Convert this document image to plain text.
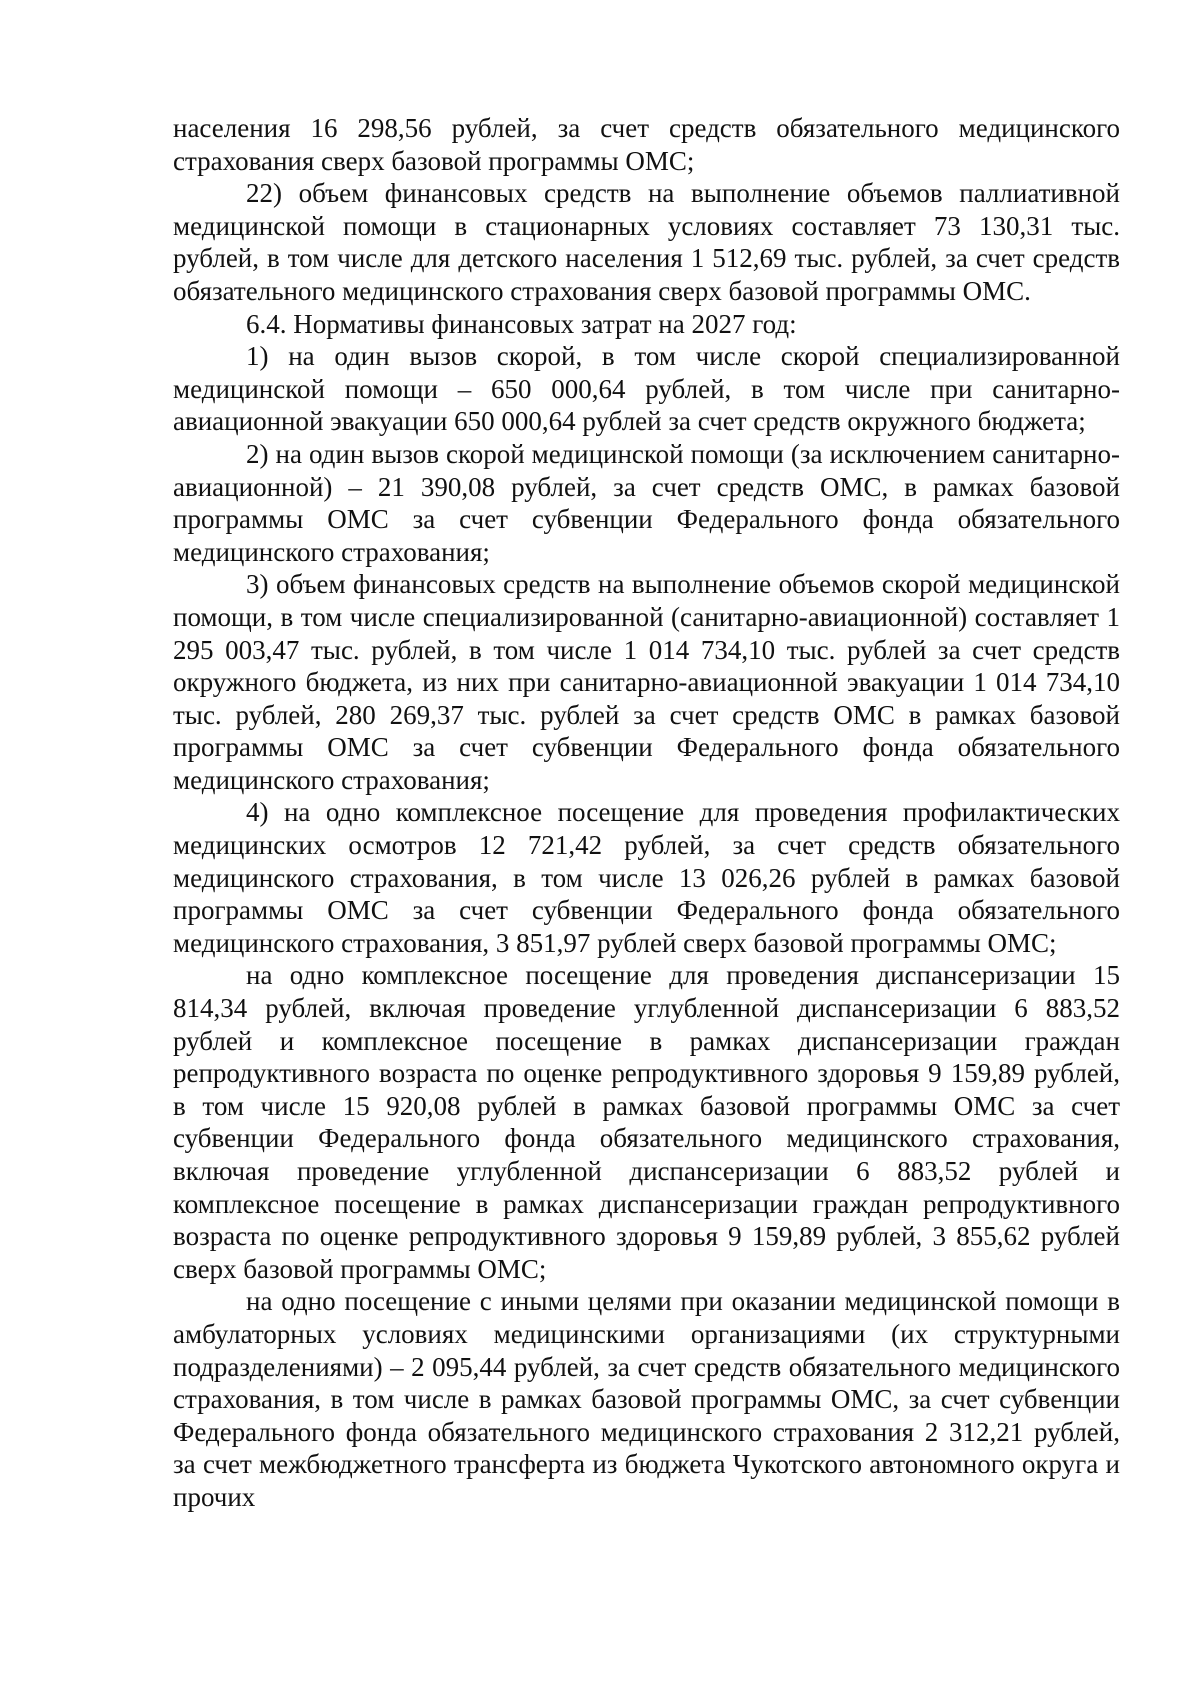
населения 16 298,56 рублей, за счет средств обязательного медицинского страхования сверх базовой программы ОМС;

22) объем финансовых средств на выполнение объемов паллиативной медицинской помощи в стационарных условиях составляет 73 130,31 тыс. рублей, в том числе для детского населения 1 512,69 тыс. рублей, за счет средств обязательного медицинского страхования сверх базовой программы ОМС.

6.4. Нормативы финансовых затрат на 2027 год:

1) на один вызов скорой, в том числе скорой специализированной медицинской помощи – 650 000,64 рублей, в том числе при санитарно-авиационной эвакуации 650 000,64 рублей за счет средств окружного бюджета;

2) на один вызов скорой медицинской помощи (за исключением санитарно-авиационной) – 21 390,08 рублей, за счет средств ОМС, в рамках базовой программы ОМС за счет субвенции Федерального фонда обязательного медицинского страхования;

3) объем финансовых средств на выполнение объемов скорой медицинской помощи, в том числе специализированной (санитарно-авиационной) составляет 1 295 003,47 тыс. рублей, в том числе 1 014 734,10 тыс. рублей за счет средств окружного бюджета, из них при санитарно-авиационной эвакуации 1 014 734,10 тыс. рублей, 280 269,37 тыс. рублей за счет средств ОМС в рамках базовой программы ОМС за счет субвенции Федерального фонда обязательного медицинского страхования;

4) на одно комплексное посещение для проведения профилактических медицинских осмотров 12 721,42 рублей, за счет средств обязательного медицинского страхования, в том числе 13 026,26 рублей в рамках базовой программы ОМС за счет субвенции Федерального фонда обязательного медицинского страхования, 3 851,97 рублей сверх базовой программы ОМС;

на одно комплексное посещение для проведения диспансеризации 15 814,34 рублей, включая проведение углубленной диспансеризации 6 883,52 рублей и комплексное посещение в рамках диспансеризации граждан репродуктивного возраста по оценке репродуктивного здоровья 9 159,89 рублей, в том числе 15 920,08 рублей в рамках базовой программы ОМС за счет субвенции Федерального фонда обязательного медицинского страхования, включая проведение углубленной диспансеризации 6 883,52 рублей и комплексное посещение в рамках диспансеризации граждан репродуктивного возраста по оценке репродуктивного здоровья 9 159,89 рублей, 3 855,62 рублей сверх базовой программы ОМС;

на одно посещение с иными целями при оказании медицинской помощи в амбулаторных условиях медицинскими организациями (их структурными подразделениями) – 2 095,44 рублей, за счет средств обязательного медицинского страхования, в том числе в рамках базовой программы ОМС, за счет субвенции Федерального фонда обязательного медицинского страхования 2 312,21 рублей, за счет межбюджетного трансферта из бюджета Чукотского автономного округа и прочих
